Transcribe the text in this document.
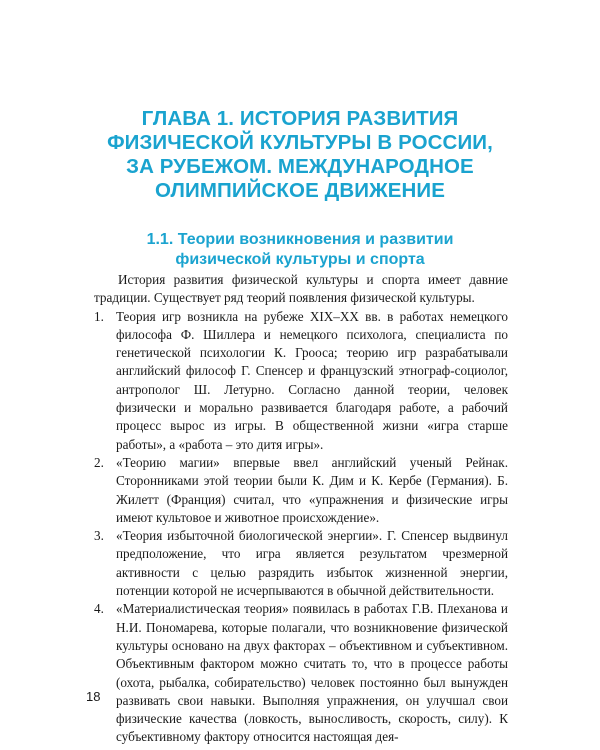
ГЛАВА 1. ИСТОРИЯ РАЗВИТИЯ
ФИЗИЧЕСКОЙ КУЛЬТУРЫ В РОССИИ,
ЗА РУБЕЖОМ. МЕЖДУНАРОДНОЕ
ОЛИМПИЙСКОЕ ДВИЖЕНИЕ
1.1. Теории возникновения и развитии
физической культуры и спорта

История развития физической культуры и спорта имеет давние традиции. Существует ряд теорий появления физической культуры.

1. Теория игр возникла на рубеже XIX–XX вв. в работах немецкого философа Ф. Шиллера и немецкого психолога, специалиста по генетической психологии К. Грооса; теорию игр разрабатывали английский философ Г. Спенсер и французский этнограф-социолог, антрополог Ш. Летурно. Согласно данной теории, человек физически и морально развивается благодаря работе, а рабочий процесс вырос из игры. В общественной жизни «игра старше работы», а «работа – это дитя игры».
2. «Теорию магии» впервые ввел английский ученый Рейнак. Сторонниками этой теории были К. Дим и К. Кербе (Германия). Б. Жилетт (Франция) считал, что «упражнения и физические игры имеют культовое и животное происхождение».
3. «Теория избыточной биологической энергии». Г. Спенсер выдвинул предположение, что игра является результатом чрезмерной активности с целью разрядить избыток жизненной энергии, потенции которой не исчерпываются в обычной действительности.
4. «Материалистическая теория» появилась в работах Г.В. Плеханова и Н.И. Пономарева, которые полагали, что возникновение физической культуры основано на двух факторах – объективном и субъективном. Объективным фактором можно считать то, что в процессе работы (охота, рыбалка, собирательство) человек постоянно был вынужден развивать свои навыки. Выполняя упражнения, он улучшал свои физические качества (ловкость, выносливость, скорость, силу). К субъективному фактору относится настоящая дея-
18
